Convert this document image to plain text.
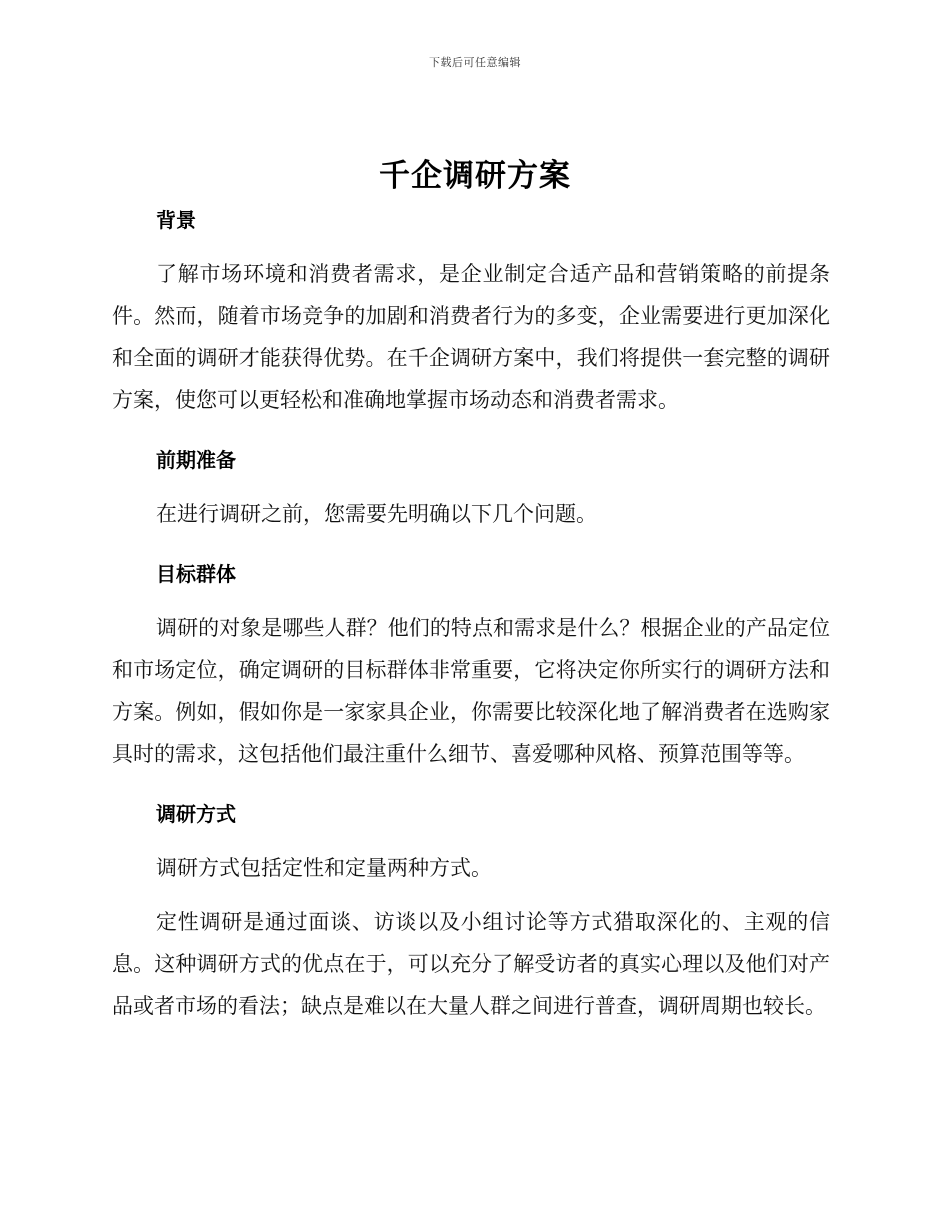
下载后可任意编辑
千企调研方案
背景

了解市场环境和消费者需求，是企业制定合适产品和营销策略的前提条件。然而，随着市场竞争的加剧和消费者行为的多变，企业需要进行更加深化和全面的调研才能获得优势。在千企调研方案中，我们将提供一套完整的调研方案，使您可以更轻松和准确地掌握市场动态和消费者需求。

前期准备

在进行调研之前，您需要先明确以下几个问题。

目标群体

调研的对象是哪些人群？他们的特点和需求是什么？根据企业的产品定位和市场定位，确定调研的目标群体非常重要，它将决定你所实行的调研方法和方案。例如，假如你是一家家具企业，你需要比较深化地了解消费者在选购家具时的需求，这包括他们最注重什么细节、喜爱哪种风格、预算范围等等。

调研方式

调研方式包括定性和定量两种方式。

定性调研是通过面谈、访谈以及小组讨论等方式猎取深化的、主观的信息。这种调研方式的优点在于，可以充分了解受访者的真实心理以及他们对产品或者市场的看法；缺点是难以在大量人群之间进行普查，调研周期也较长。
